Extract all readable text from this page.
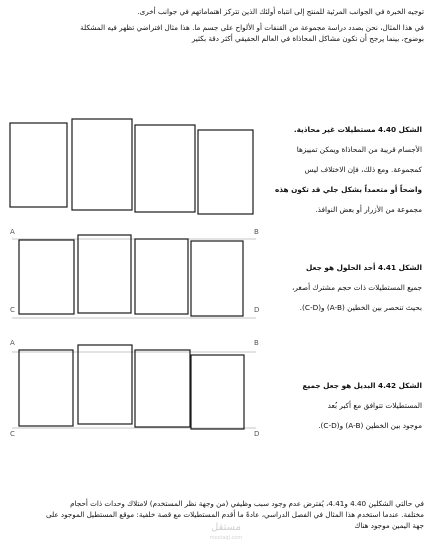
توجيه الخبرة في الجوانب المرئية للمنتج إلى انتباه أولئك الذين تتركز اهتماماتهم في جوانب أخرى.

في هذا المثال، نحن بصدد دراسة مجموعة من القنفات أو الألواح على جسم ما. هذا مثال افتراضي تظهر فيه المشكلة

بوضوح، بينما يرجح أن تكون مشاكل المحاذاة في العالم الحقيقي أكثر دقة بكثير

الشكل 4.40 مستطيلات غير محاذية.

الأجسام قريبة من المحاذاة ويمكن تمييزها

كمجموعة. ومع ذلك، فإن الاختلاف ليس

واضحاً أو متعمداً بشكل جلي قد تكون هذه

مجموعة من الأزرار أو بعض النوافذ.

A	B
C	D

الشكل 4.41 أحد الحلول هو جعل

جميع المستطيلات ذات حجم مشترك أصغر،

بحيث تنحصر بين الخطين (A-B) و(C-D).

A	B
C	D

الشكل 4.42 البديل هو جعل جميع

المستطيلات تتوافق مع أكبر بُعد

موجود بين الخطين (A-B) و(C-D).

في حالتي الشكلين 4.40 و4.41، يُفترض عدم وجود سبب وظيفي (من وجهة نظر المستخدم) لامتلاك وحدات ذات أحجام

مختلفة. عندما استخدم هذا المثال في الفصل الدراسي، عادةً ما أقدم المستطيلات مع قصة خلفية: موقع المستطيل الموجود على

جهة اليمين موجود هناك

مستقل
mostaql.com
